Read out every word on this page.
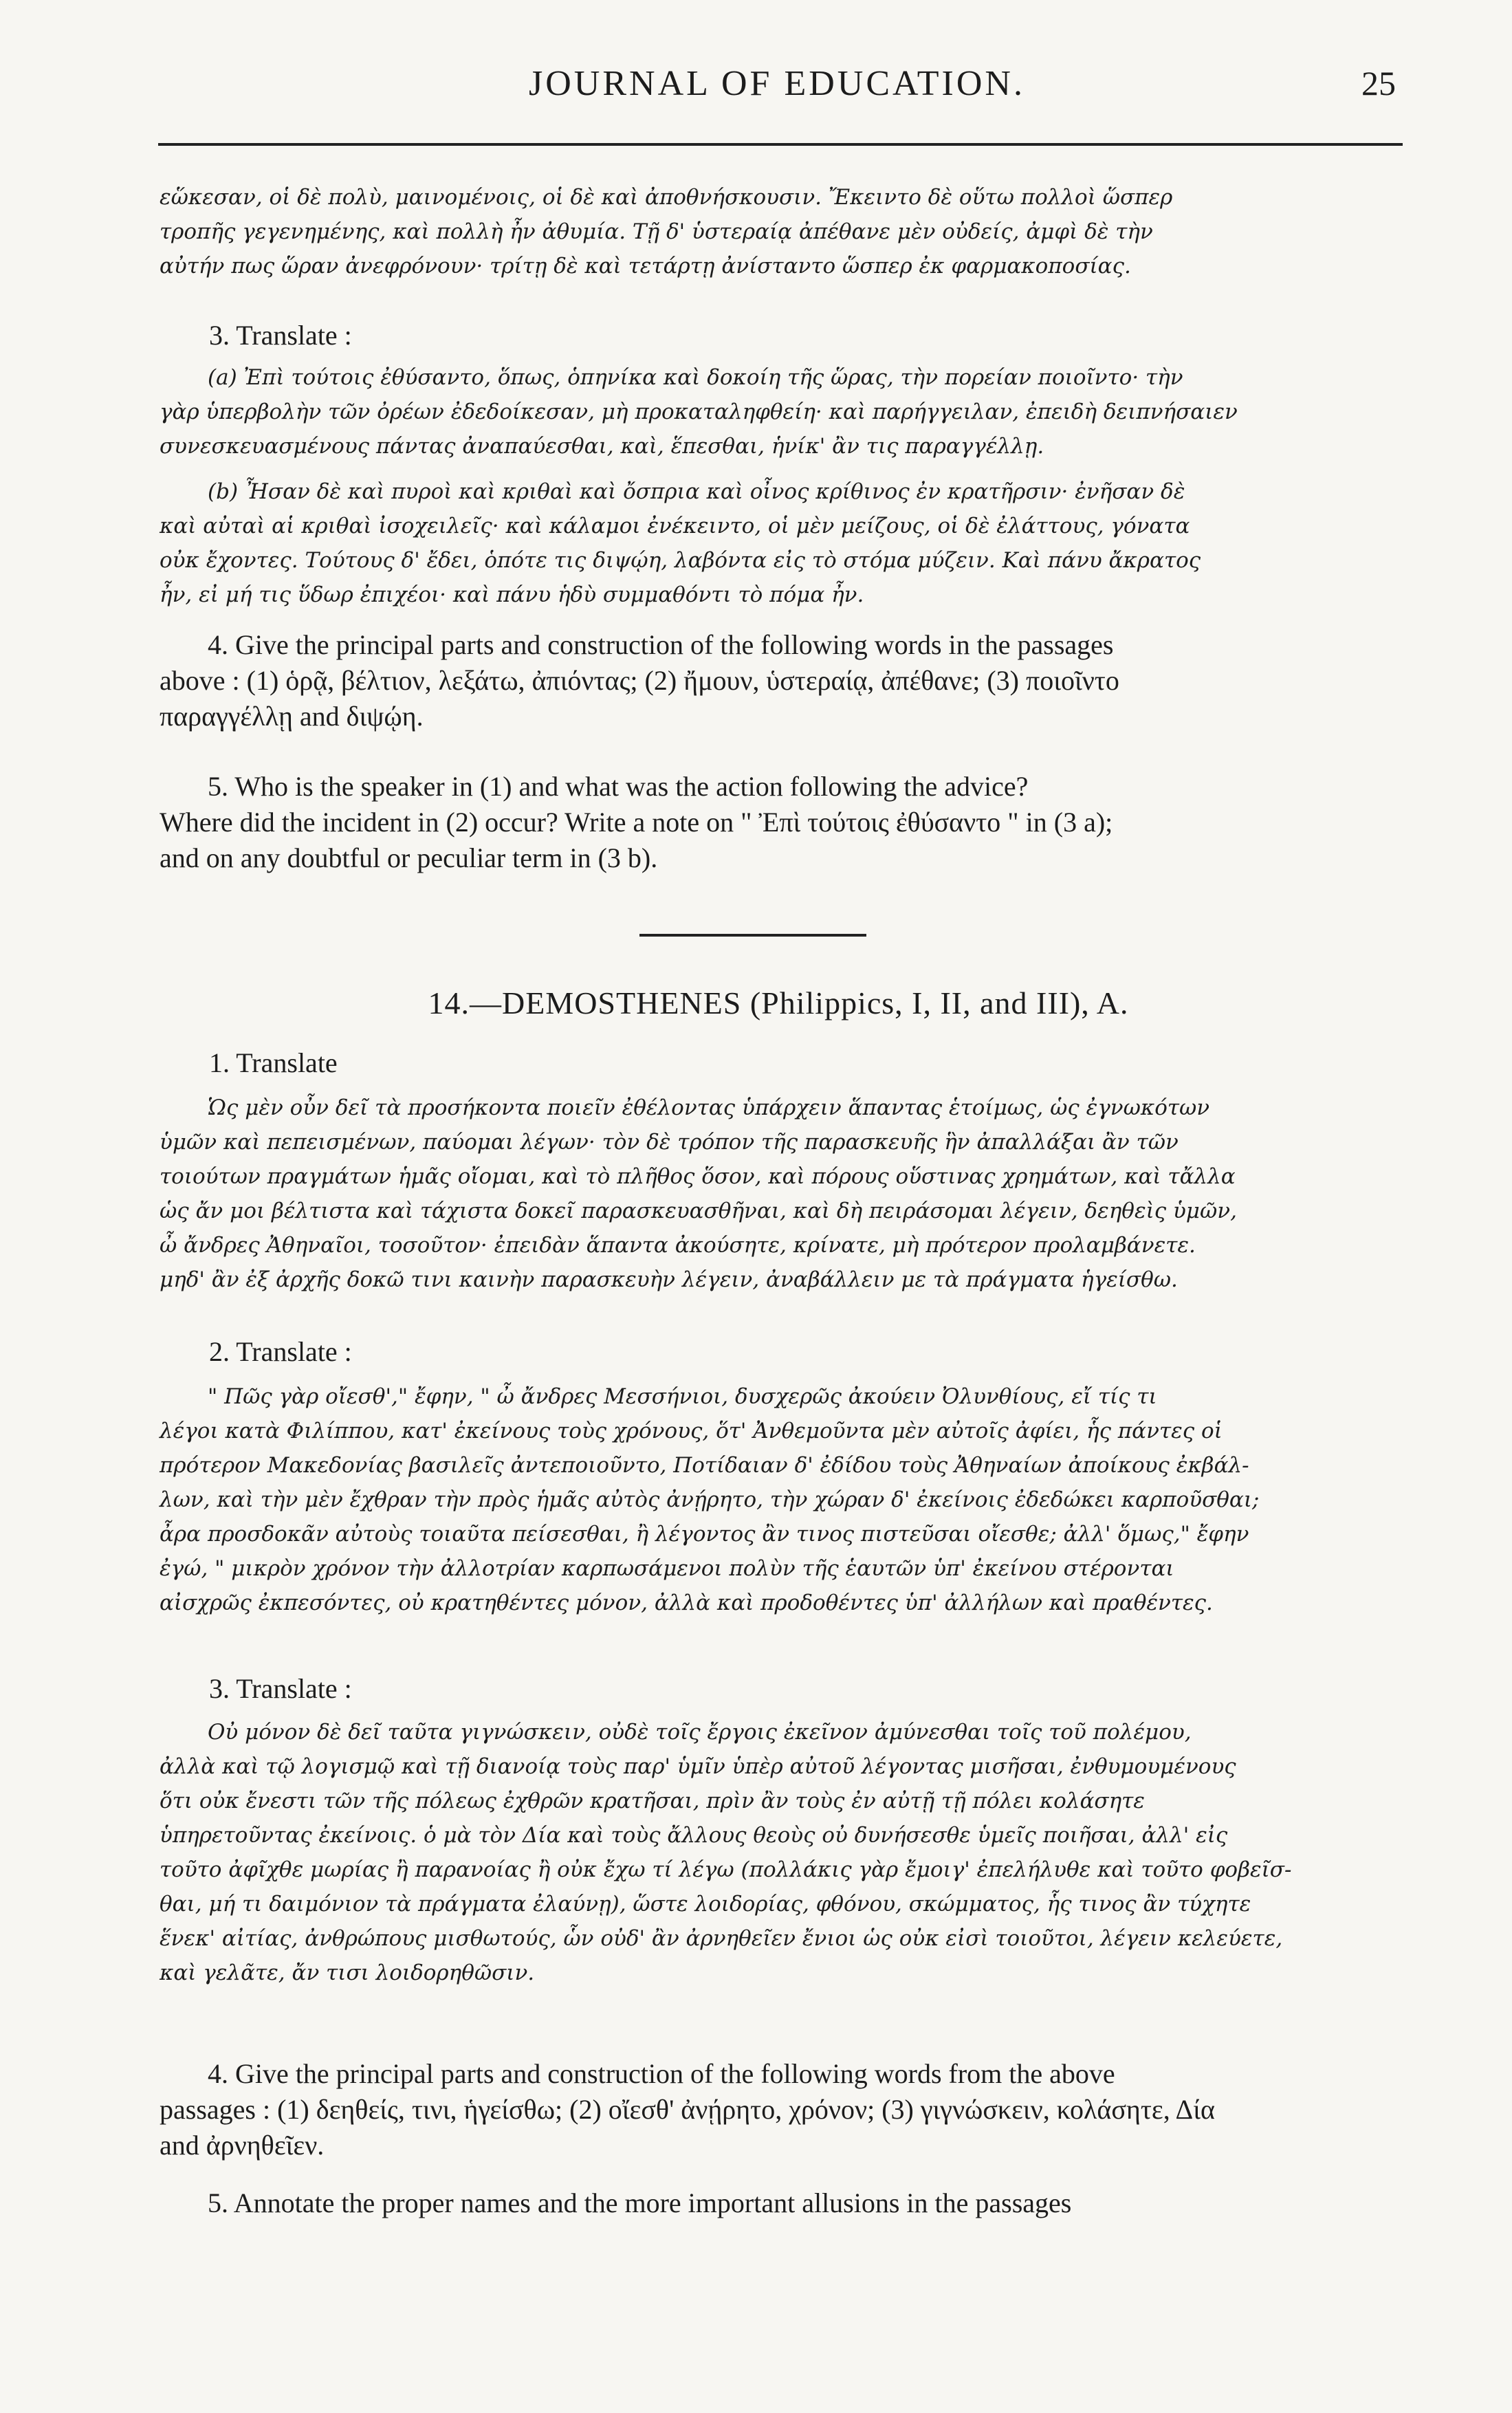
JOURNAL OF EDUCATION.	25

εὥκεσαν, οἱ δὲ πολὺ, μαινομένοις, οἱ δὲ καὶ ἀποθνήσκουσιν. Ἔκειντο δὲ οὕτω πολλοὶ ὥσπερ
τροπῆς γεγενημένης, καὶ πολλὴ ἦν ἀθυμία. Τῇ δ' ὑστεραίᾳ ἀπέθανε μὲν οὐδείς, ἀμφὶ δὲ τὴν
αὐτήν πως ὥραν ἀνεφρόνουν· τρίτῃ δὲ καὶ τετάρτῃ ἀνίσταντο ὥσπερ ἐκ φαρμακοποσίας.

3. Translate :

(a) Ἐπὶ τούτοις ἐθύσαντο, ὅπως, ὁπηνίκα καὶ δοκοίη τῆς ὥρας, τὴν πορείαν ποιοῖντο· τὴν
γὰρ ὑπερβολὴν τῶν ὀρέων ἐδεδοίκεσαν, μὴ προκαταληφθείη· καὶ παρήγγειλαν, ἐπειδὴ δειπνήσαιεν
συνεσκευασμένους πάντας ἀναπαύεσθαι, καὶ, ἕπεσθαι, ἡνίκ' ἂν τις παραγγέλλῃ.

(b) Ἦσαν δὲ καὶ πυροὶ καὶ κριθαὶ καὶ ὄσπρια καὶ οἶνος κρίθινος ἐν κρατῆρσιν· ἐνῆσαν δὲ
καὶ αὐταὶ αἱ κριθαὶ ἰσοχειλεῖς· καὶ κάλαμοι ἐνέκειντο, οἱ μὲν μείζους, οἱ δὲ ἐλάττους, γόνατα
οὐκ ἔχοντες. Τούτους δ' ἔδει, ὁπότε τις διψῴη, λαβόντα εἰς τὸ στόμα μύζειν. Καὶ πάνυ ἄκρατος
ἦν, εἰ μή τις ὕδωρ ἐπιχέοι· καὶ πάνυ ἡδὺ συμμαθόντι τὸ πόμα ἦν.

4. Give the principal parts and construction of the following words in the passages
above : (1) ὁρᾷ, βέλτιον, λεξάτω, ἀπιόντας; (2) ἤμουν, ὑστεραίᾳ, ἀπέθανε; (3) ποιοῖντο
παραγγέλλῃ and διψῴη.

5. Who is the speaker in (1) and what was the action following the advice?
Where did the incident in (2) occur? Write a note on " Ἐπὶ τούτοις ἐθύσαντο " in (3 a);
and on any doubtful or peculiar term in (3 b).

14.—DEMOSTHENES (Philippics, I, II, and III), A.

1. Translate

Ὡς μὲν οὖν δεῖ τὰ προσήκοντα ποιεῖν ἐθέλοντας ὑπάρχειν ἅπαντας ἑτοίμως, ὡς ἐγνωκότων
ὑμῶν καὶ πεπεισμένων, παύομαι λέγων· τὸν δὲ τρόπον τῆς παρασκευῆς ἣν ἀπαλλάξαι ἂν τῶν
τοιούτων πραγμάτων ἡμᾶς οἴομαι, καὶ τὸ πλῆθος ὅσον, καὶ πόρους οὕστινας χρημάτων, καὶ τἄλλα
ὡς ἄν μοι βέλτιστα καὶ τάχιστα δοκεῖ παρασκευασθῆναι, καὶ δὴ πειράσομαι λέγειν, δεηθεὶς ὑμῶν,
ὦ ἄνδρες Ἀθηναῖοι, τοσοῦτον· ἐπειδὰν ἅπαντα ἀκούσητε, κρίνατε, μὴ πρότερον προλαμβάνετε.
μηδ' ἂν ἐξ ἀρχῆς δοκῶ τινι καινὴν παρασκευὴν λέγειν, ἀναβάλλειν με τὰ πράγματα ἡγείσθω.

2. Translate :

" Πῶς γὰρ οἴεσθ'," ἔφην, " ὦ ἄνδρες Μεσσήνιοι, δυσχερῶς ἀκούειν Ὀλυνθίους, εἴ τίς τι
λέγοι κατὰ Φιλίππου, κατ' ἐκείνους τοὺς χρόνους, ὅτ' Ἀνθεμοῦντα μὲν αὐτοῖς ἀφίει, ἧς πάντες οἱ
πρότερον Μακεδονίας βασιλεῖς ἀντεποιοῦντο, Ποτίδαιαν δ' ἐδίδου τοὺς Ἀθηναίων ἀποίκους ἐκβάλ-
λων, καὶ τὴν μὲν ἔχθραν τὴν πρὸς ἡμᾶς αὐτὸς ἀνῄρητο, τὴν χώραν δ' ἐκείνοις ἐδεδώκει καρποῦσθαι;
ἆρα προσδοκᾶν αὐτοὺς τοιαῦτα πείσεσθαι, ἢ λέγοντος ἂν τινος πιστεῦσαι οἴεσθε; ἀλλ' ὅμως," ἔφην
ἐγώ, " μικρὸν χρόνον τὴν ἀλλοτρίαν καρπωσάμενοι πολὺν τῆς ἑαυτῶν ὑπ' ἐκείνου στέρονται
αἰσχρῶς ἐκπεσόντες, οὐ κρατηθέντες μόνον, ἀλλὰ καὶ προδοθέντες ὑπ' ἀλλήλων καὶ πραθέντες.

3. Translate :

Οὐ μόνον δὲ δεῖ ταῦτα γιγνώσκειν, οὐδὲ τοῖς ἔργοις ἐκεῖνον ἀμύνεσθαι τοῖς τοῦ πολέμου,
ἀλλὰ καὶ τῷ λογισμῷ καὶ τῇ διανοίᾳ τοὺς παρ' ὑμῖν ὑπὲρ αὐτοῦ λέγοντας μισῆσαι, ἐνθυμουμένους
ὅτι οὐκ ἔνεστι τῶν τῆς πόλεως ἐχθρῶν κρατῆσαι, πρὶν ἂν τοὺς ἐν αὐτῇ τῇ πόλει κολάσητε
ὑπηρετοῦντας ἐκείνοις. ὁ μὰ τὸν Δία καὶ τοὺς ἄλλους θεοὺς οὐ δυνήσεσθε ὑμεῖς ποιῆσαι, ἀλλ' εἰς
τοῦτο ἀφῖχθε μωρίας ἢ παρανοίας ἢ οὐκ ἔχω τί λέγω (πολλάκις γὰρ ἔμοιγ' ἐπελήλυθε καὶ τοῦτο φοβεῖσ-
θαι, μή τι δαιμόνιον τὰ πράγματα ἐλαύνῃ), ὥστε λοιδορίας, φθόνου, σκώμματος, ἧς τινος ἂν τύχητε
ἕνεκ' αἰτίας, ἀνθρώπους μισθωτούς, ὧν οὐδ' ἂν ἀρνηθεῖεν ἔνιοι ὡς οὐκ εἰσὶ τοιοῦτοι, λέγειν κελεύετε,
καὶ γελᾶτε, ἄν τισι λοιδορηθῶσιν.

4. Give the principal parts and construction of the following words from the above
passages : (1) δεηθείς, τινι, ἡγείσθω; (2) οἴεσθ' ἀνῄρητο, χρόνον; (3) γιγνώσκειν, κολάσητε, Δία
and ἀρνηθεῖεν.

5. Annotate the proper names and the more important allusions in the passages
